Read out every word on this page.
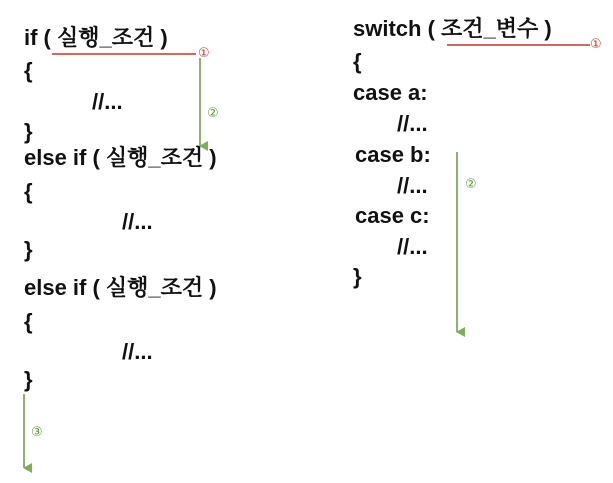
if ( 실행_조건 )
{
//...
}
else if ( 실행_조건 )
{
//...
}
else if ( 실행_조건 )
{
//...
}
switch ( 조건_변수 )
{
case a:
//...
case b:
//...
case c:
//...
}
①
②
③
①
②
